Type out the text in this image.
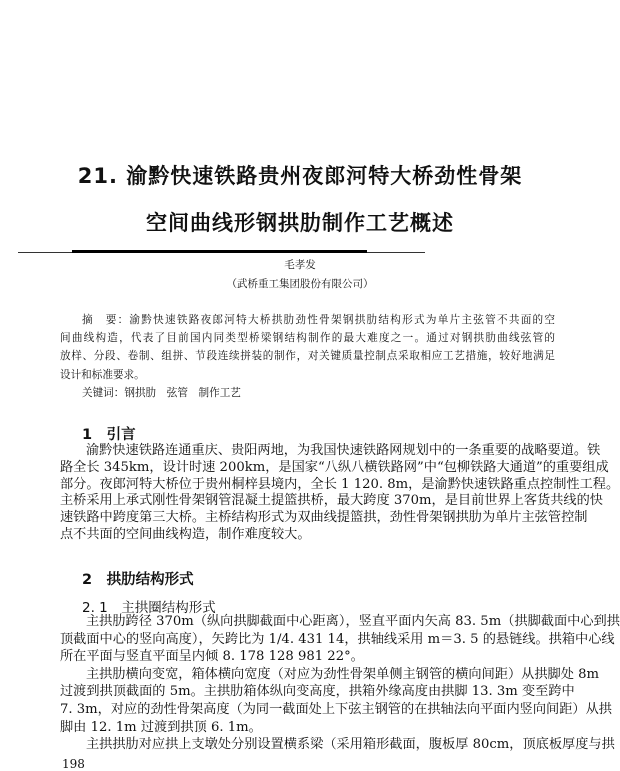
21. 渝黔快速铁路贵州夜郎河特大桥劲性骨架
空间曲线形钢拱肋制作工艺概述
毛孝发
（武桥重工集团股份有限公司）
摘　要：渝黔快速铁路夜郎河特大桥拱肋劲性骨架钢拱肋结构形式为单片主弦管不共面的空
间曲线构造，代表了目前国内同类型桥梁钢结构制作的最大难度之一。通过对钢拱肋曲线弦管的
放样、分段、卷制、组拼、节段连续拼装的制作，对关键质量控制点采取相应工艺措施，较好地满足
设计和标准要求。
关键词：钢拱肋　弦管　制作工艺
1　引言
渝黔快速铁路连通重庆、贵阳两地，为我国快速铁路网规划中的一条重要的战略要道。铁
路全长 345km，设计时速 200km，是国家“八纵八横铁路网”中“包柳铁路大通道”的重要组成
部分。夜郎河特大桥位于贵州桐梓县境内，全长 1 120. 8m，是渝黔快速铁路重点控制性工程。
主桥采用上承式刚性骨架钢管混凝土提篮拱桥，最大跨度 370m，是目前世界上客货共线的快
速铁路中跨度第三大桥。主桥结构形式为双曲线提篮拱，劲性骨架钢拱肋为单片主弦管控制
点不共面的空间曲线构造，制作难度较大。
2　拱肋结构形式
2. 1　主拱圈结构形式
主拱肋跨径 370m（纵向拱脚截面中心距离），竖直平面内矢高 83. 5m（拱脚截面中心到拱
顶截面中心的竖向高度），矢跨比为 1/4. 431 14，拱轴线采用 m＝3. 5 的悬链线。拱箱中心线
所在平面与竖直平面呈内倾 8. 178 128 981 22°。
主拱肋横向变宽，箱体横向宽度（对应为劲性骨架单侧主钢管的横向间距）从拱脚处 8m
过渡到拱顶截面的 5m。主拱肋箱体纵向变高度，拱箱外缘高度由拱脚 13. 3m 变至跨中
7. 3m，对应的劲性骨架高度（为同一截面处上下弦主钢管的在拱轴法向平面内竖向间距）从拱
脚由 12. 1m 过渡到拱顶 6. 1m。
主拱拱肋对应拱上支墩处分别设置横系梁（采用箱形截面，腹板厚 80cm，顶底板厚度与拱
198
